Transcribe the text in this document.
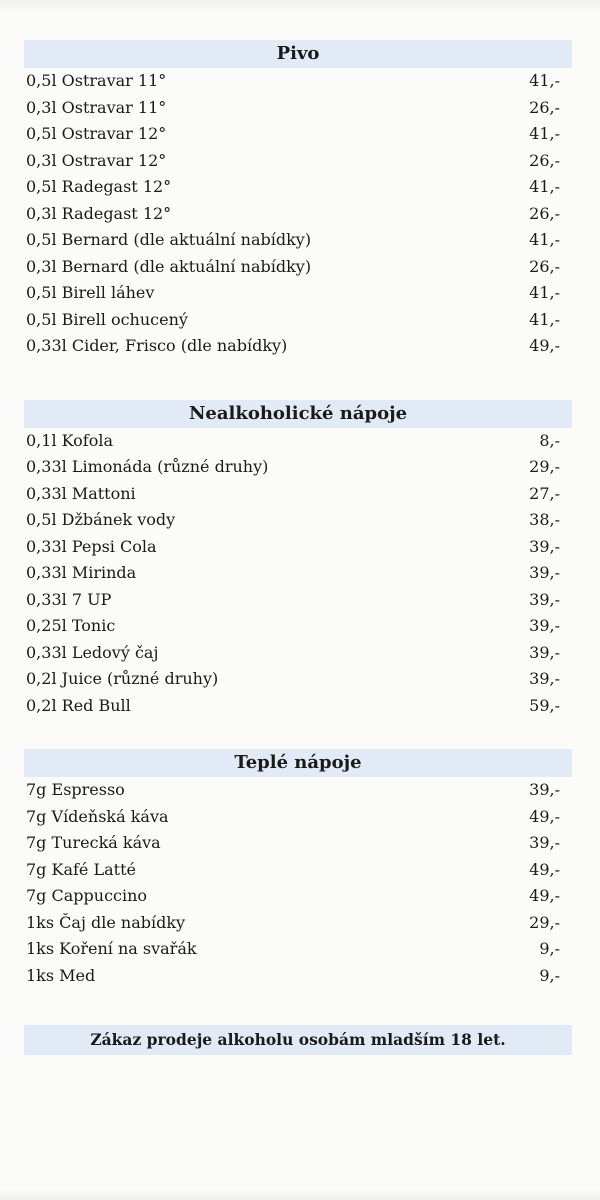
Pivo
0,5l Ostravar 11°	41,-
0,3l Ostravar 11°	26,-
0,5l Ostravar 12°	41,-
0,3l Ostravar 12°	26,-
0,5l Radegast 12°	41,-
0,3l Radegast 12°	26,-
0,5l Bernard (dle aktuální nabídky)	41,-
0,3l Bernard (dle aktuální nabídky)	26,-
0,5l Birell láhev	41,-
0,5l Birell ochucený	41,-
0,33l Cider, Frisco (dle nabídky)	49,-
Nealkoholické nápoje
0,1l Kofola	8,-
0,33l Limonáda (různé druhy)	29,-
0,33l Mattoni	27,-
0,5l Džbánek vody	38,-
0,33l Pepsi Cola	39,-
0,33l Mirinda	39,-
0,33l 7 UP	39,-
0,25l Tonic	39,-
0,33l Ledový čaj	39,-
0,2l Juice (různé druhy)	39,-
0,2l Red Bull	59,-
Teplé nápoje
7g Espresso	39,-
7g Vídeňská káva	49,-
7g Turecká káva	39,-
7g Kafé Latté	49,-
7g Cappuccino	49,-
1ks Čaj dle nabídky	29,-
1ks Koření na svařák	9,-
1ks Med	9,-
Zákaz prodeje alkoholu osobám mladším 18 let.
